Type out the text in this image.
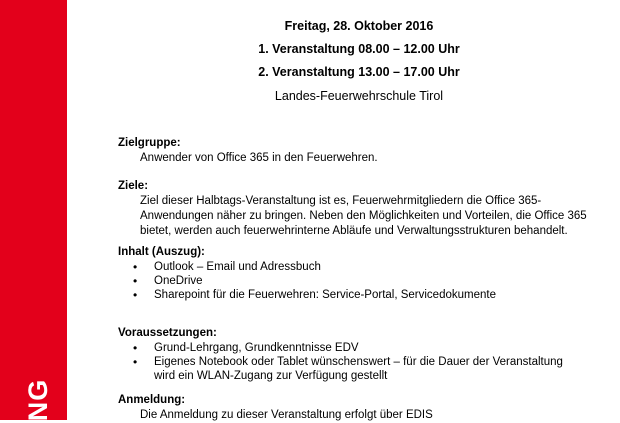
NG
Freitag, 28. Oktober 2016
1. Veranstaltung 08.00 – 12.00 Uhr
2. Veranstaltung 13.00 – 17.00 Uhr
Landes-Feuerwehrschule Tirol
Zielgruppe:
Anwender von Office 365 in den Feuerwehren.
Ziele:
Ziel dieser Halbtags-Veranstaltung ist es, Feuerwehrmitgliedern die Office 365-
Anwendungen näher zu bringen. Neben den Möglichkeiten und Vorteilen, die Office 365
bietet, werden auch feuerwehrinterne Abläufe und Verwaltungsstrukturen behandelt.
Inhalt (Auszug):
• Outlook – Email und Adressbuch
• OneDrive
• Sharepoint für die Feuerwehren: Service-Portal, Servicedokumente
Voraussetzungen:
• Grund-Lehrgang, Grundkenntnisse EDV
• Eigenes Notebook oder Tablet wünschenswert – für die Dauer der Veranstaltung
wird ein WLAN-Zugang zur Verfügung gestellt
Anmeldung:
Die Anmeldung zu dieser Veranstaltung erfolgt über EDIS
